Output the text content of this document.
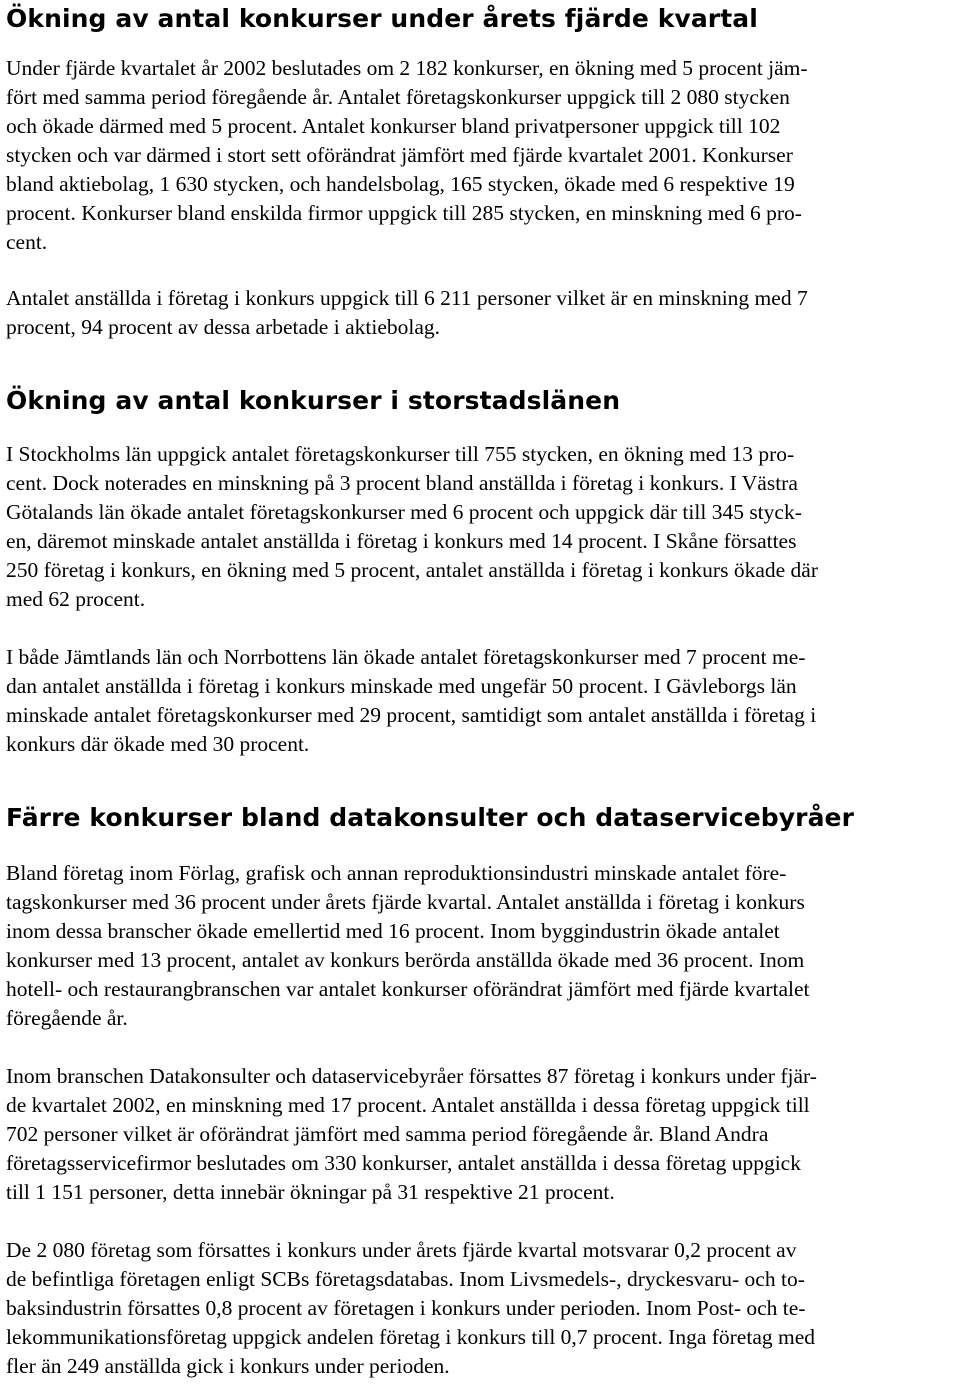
Ökning av antal konkurser under årets fjärde kvartal

Under fjärde kvartalet år 2002 beslutades om 2 182 konkurser, en ökning med 5 procent jäm-
fört med samma period föregående år. Antalet företagskonkurser uppgick till 2 080 stycken
och ökade därmed med 5 procent. Antalet konkurser bland privatpersoner uppgick till 102
stycken och var därmed i stort sett oförändrat jämfört med fjärde kvartalet 2001. Konkurser
bland aktiebolag, 1 630 stycken, och handelsbolag, 165 stycken, ökade med 6 respektive 19
procent. Konkurser bland enskilda firmor uppgick till 285 stycken, en minskning med 6 pro-
cent.

Antalet anställda i företag i konkurs uppgick till 6 211 personer vilket är en minskning med 7
procent, 94 procent av dessa arbetade i aktiebolag.

Ökning av antal konkurser i storstadslänen

I Stockholms län uppgick antalet företagskonkurser till 755 stycken, en ökning med 13 pro-
cent. Dock noterades en minskning på 3 procent bland anställda i företag i konkurs. I Västra
Götalands län ökade antalet företagskonkurser med 6 procent och uppgick där till 345 styck-
en, däremot minskade antalet anställda i företag i konkurs med 14 procent. I Skåne försattes
250 företag i konkurs, en ökning med 5 procent, antalet anställda i företag i konkurs ökade där
med 62 procent.

I både Jämtlands län och Norrbottens län ökade antalet företagskonkurser med 7 procent me-
dan antalet anställda i företag i konkurs minskade med ungefär 50 procent. I Gävleborgs län
minskade antalet företagskonkurser med 29 procent, samtidigt som antalet anställda i företag i
konkurs där ökade med 30 procent.

Färre konkurser bland datakonsulter och dataservicebyråer

Bland företag inom Förlag, grafisk och annan reproduktionsindustri minskade antalet före-
tagskonkurser med 36 procent under årets fjärde kvartal. Antalet anställda i företag i konkurs
inom dessa branscher ökade emellertid med 16 procent. Inom byggindustrin ökade antalet
konkurser med 13 procent, antalet av konkurs berörda anställda ökade med 36 procent. Inom
hotell- och restaurangbranschen var antalet konkurser oförändrat jämfört med fjärde kvartalet
föregående år.

Inom branschen Datakonsulter och dataservicebyråer försattes 87 företag i konkurs under fjär-
de kvartalet 2002, en minskning med 17 procent. Antalet anställda i dessa företag uppgick till
702 personer vilket är oförändrat jämfört med samma period föregående år. Bland Andra
företagsservicefirmor beslutades om 330 konkurser, antalet anställda i dessa företag uppgick
till 1 151 personer, detta innebär ökningar på 31 respektive 21 procent.

De 2 080 företag som försattes i konkurs under årets fjärde kvartal motsvarar 0,2 procent av
de befintliga företagen enligt SCBs företagsdatabas. Inom Livsmedels-, dryckesvaru- och to-
baksindustrin försattes 0,8 procent av företagen i konkurs under perioden. Inom Post- och te-
lekommunikationsföretag uppgick andelen företag i konkurs till 0,7 procent. Inga företag med
fler än 249 anställda gick i konkurs under perioden.
